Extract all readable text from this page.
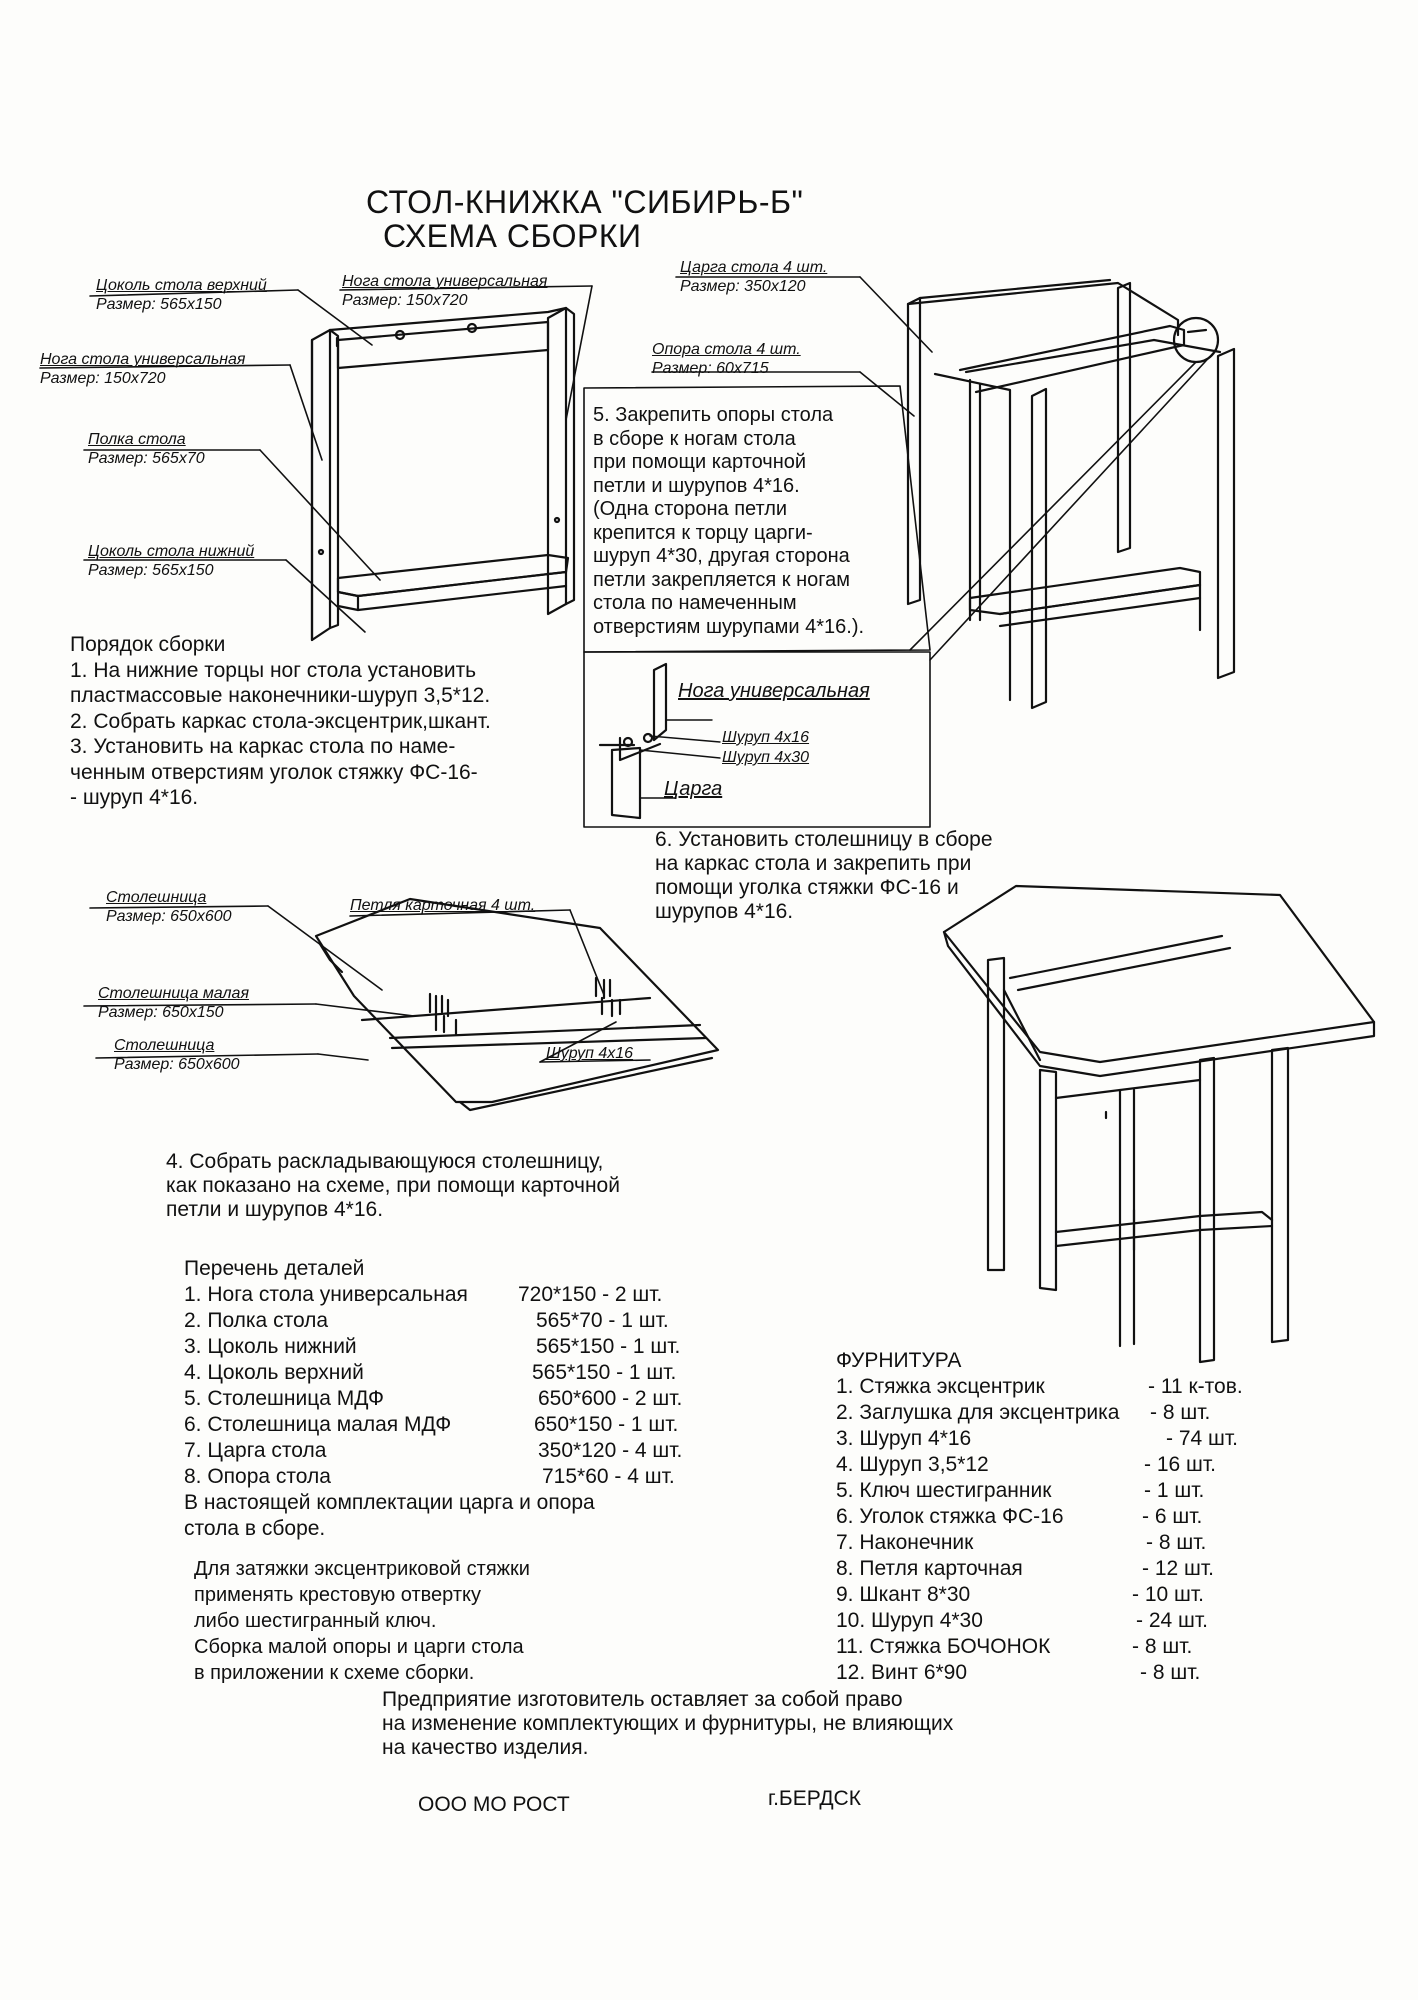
СТОЛ-КНИЖКА "СИБИРЬ-Б"
СХЕМА СБОРКИ
Цоколь стола верхний
Размер: 565х150
Нога стола универсальная
Размер: 150х720
Нога стола универсальная
Размер: 150х720
Полка стола
Размер: 565х70
Цоколь стола нижний
Размер: 565х150
Царга стола 4 шт.
Размер: 350х120
Опора стола 4 шт.
Размер: 60х715
5. Закрепить опоры стола
в сборе к ногам стола
при помощи карточной
петли и шурупов 4*16.
(Одна сторона петли
крепится к торцу царги-
шуруп 4*30, другая сторона
петли закрепляется к ногам
стола по намеченным
отверстиям шурупами 4*16.).
Нога универсальная
Шуруп 4х16
Шуруп 4х30
Царга
Порядок сборки
1. На нижние торцы ног стола установить
пластмассовые наконечники-шуруп 3,5*12.
2. Собрать каркас стола-эксцентрик,шкант.
3. Установить на каркас стола по наме-
ченным отверстиям уголок стяжку ФС-16-
- шуруп 4*16.
6. Установить столешницу в сборе
на каркас стола и закрепить при
помощи уголка стяжки ФС-16 и
шурупов 4*16.
Столешница
Размер: 650х600
Столешница малая
Размер: 650х150
Столешница
Размер: 650х600
Петля карточная 4 шт.
Шуруп 4х16
4. Собрать раскладывающуюся столешницу,
как показано на схеме, при помощи карточной
петли и шурупов 4*16.
Перечень деталей
1. Нога стола универсальная 720*150 - 2 шт.
2. Полка стола	565*70 - 1 шт.
3. Цоколь нижний	565*150 - 1 шт.
4. Цоколь верхний	565*150 - 1 шт.
5. Столешница МДФ	650*600 - 2 шт.
6. Столешница малая МДФ	650*150 - 1 шт.
7. Царга стола	350*120 - 4 шт.
8. Опора стола	715*60 - 4 шт.
В настоящей комплектации царга и опора
стола в сборе.
Для затяжки эксцентриковой стяжки
применять крестовую отвертку
либо шестигранный ключ.
Сборка малой опоры и царги стола
в приложении к схеме сборки.
ФУРНИТУРА
1. Стяжка эксцентрик	- 11 к-тов.
2. Заглушка для эксцентрика - 8 шт.
3. Шуруп 4*16	- 74 шт.
4. Шуруп 3,5*12	- 16 шт.
5. Ключ шестигранник	- 1 шт.
6. Уголок стяжка ФС-16	- 6 шт.
7. Наконечник	- 8 шт.
8. Петля карточная	- 12 шт.
9. Шкант 8*30	- 10 шт.
10. Шуруп 4*30	- 24 шт.
11. Стяжка БОЧОНОК	- 8 шт.
12. Винт 6*90	- 8 шт.
Предприятие изготовитель оставляет за собой право
на изменение комплектующих и фурнитуры, не влияющих
на качество изделия.
ООО МО РОСТ	г.БЕРДСК
